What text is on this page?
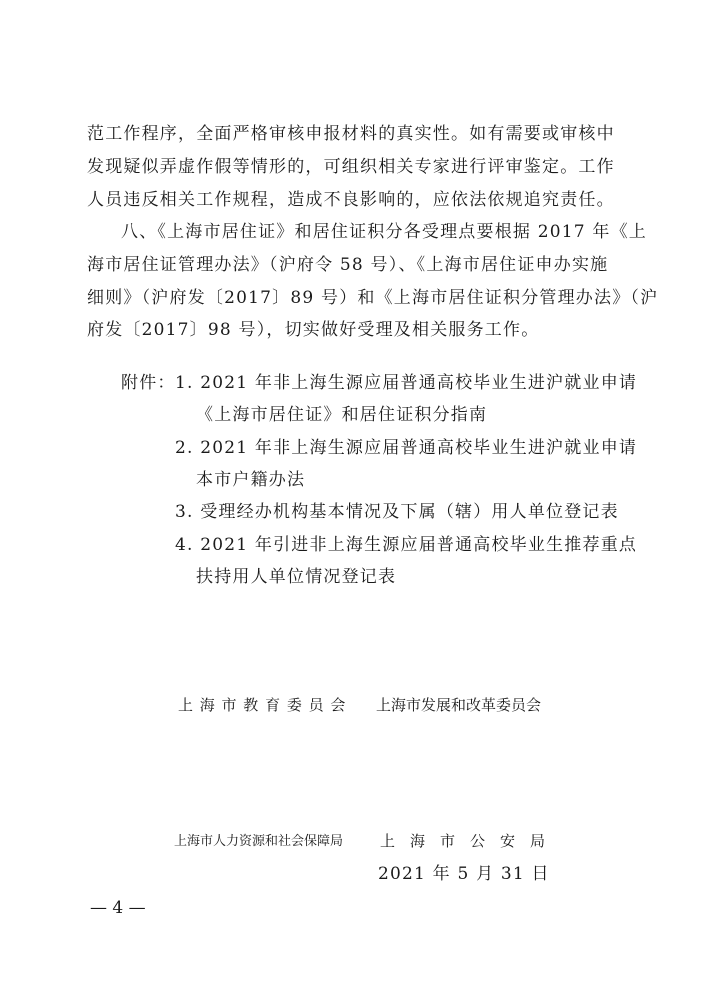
范工作程序，全面严格审核申报材料的真实性。如有需要或审核中
发现疑似弄虚作假等情形的，可组织相关专家进行评审鉴定。工作
人员违反相关工作规程，造成不良影响的，应依法依规追究责任。
八、《上海市居住证》和居住证积分各受理点要根据 2017 年《上
海市居住证管理办法》（沪府令 58 号）、《上海市居住证申办实施
细则》（沪府发〔2017〕89 号）和《上海市居住证积分管理办法》（沪
府发〔2017〕98 号），切实做好受理及相关服务工作。
附件： 1. 2021 年非上海生源应届普通高校毕业生进沪就业申请
《上海市居住证》和居住证积分指南
2. 2021 年非上海生源应届普通高校毕业生进沪就业申请
本市户籍办法
3. 受理经办机构基本情况及下属（辖）用人单位登记表
4. 2021 年引进非上海生源应届普通高校毕业生推荐重点
扶持用人单位情况登记表
上 海 市 教 育 委 员 会 上海市发展和改革委员会
上海市人力资源和社会保障局 上　海　市　公　安　局
2021 年 5 月 31 日
— 4 —
